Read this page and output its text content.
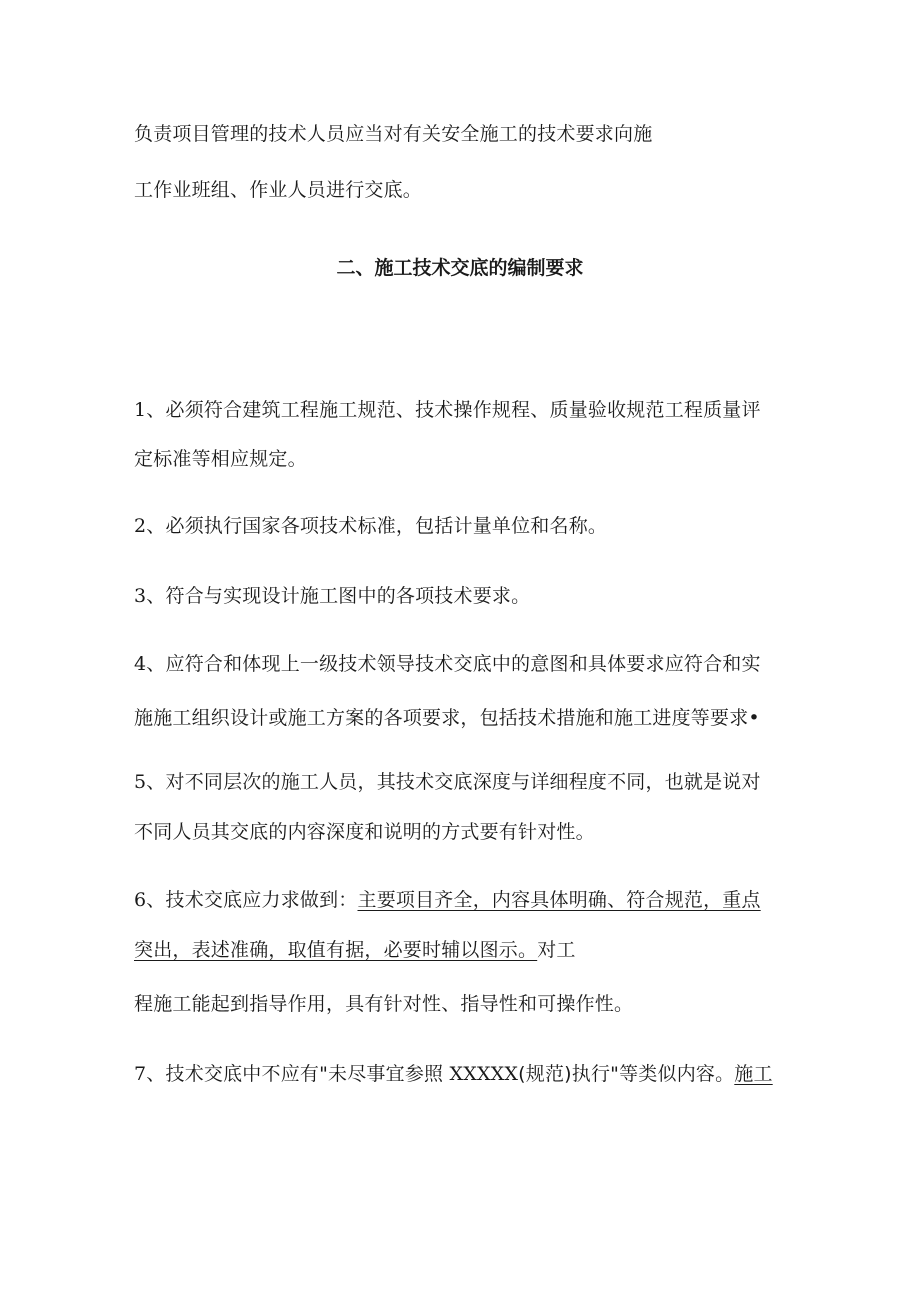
负责项目管理的技术人员应当对有关安全施工的技术要求向施
工作业班组、作业人员进行交底。
二、施工技术交底的编制要求
1、必须符合建筑工程施工规范、技术操作规程、质量验收规范工程质量评
定标准等相应规定。
2、必须执行国家各项技术标准，包括计量单位和名称。
3、符合与实现设计施工图中的各项技术要求。
4、应符合和体现上一级技术领导技术交底中的意图和具体要求应符合和实
施施工组织设计或施工方案的各项要求，包括技术措施和施工进度等要求•
5、对不同层次的施工人员，其技术交底深度与详细程度不同，也就是说对
不同人员其交底的内容深度和说明的方式要有针对性。
6、技术交底应力求做到：主要项目齐全，内容具体明确、符合规范，重点
突出，表述准确，取值有据，必要时辅以图示。对工
程施工能起到指导作用，具有针对性、指导性和可操作性。
7、技术交底中不应有"未尽事宜参照 XXXXX(规范)执行"等类似内容。施工
